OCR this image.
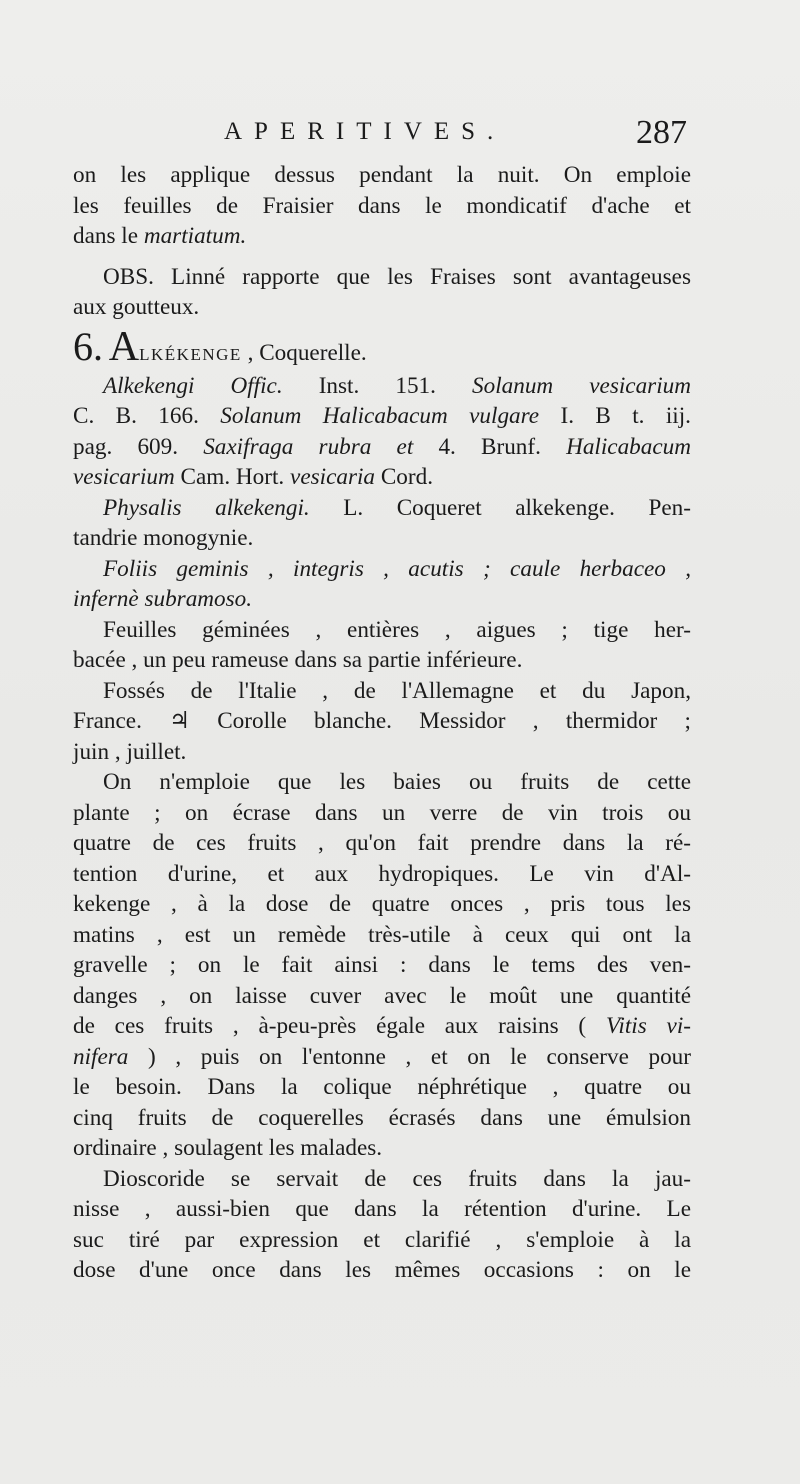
APERITIVES.	287
on les applique dessus pendant la nuit. On emploie
les feuilles de Fraisier dans le mondicatif d'ache et
dans le martiatum.
OBS. Linné rapporte que les Fraises sont avantageuses
aux goutteux.
6. ALKÉKENGE , Coquerelle.
Alkekengi Offic. Inst. 151. Solanum vesicarium
C. B. 166. Solanum Halicabacum vulgare I. B t. iij.
pag. 609. Saxifraga rubra et 4. Brunf. Halicabacum
vesicarium Cam. Hort. vesicaria Cord.
Physalis alkekengi. L. Coqueret alkekenge. Pen-
tandrie monogynie.
Foliis geminis , integris , acutis ; caule herbaceo ,
infernè subramoso.
Feuilles géminées , entières , aigues ; tige her-
bacée , un peu rameuse dans sa partie inférieure.
Fossés de l'Italie , de l'Allemagne et du Japon,
France. ♃ Corolle blanche. Messidor , thermidor ;
juin , juillet.
On n'emploie que les baies ou fruits de cette
plante ; on écrase dans un verre de vin trois ou
quatre de ces fruits , qu'on fait prendre dans la ré-
tention d'urine, et aux hydropiques. Le vin d'Al-
kekenge , à la dose de quatre onces , pris tous les
matins , est un remède très-utile à ceux qui ont la
gravelle ; on le fait ainsi : dans le tems des ven-
danges , on laisse cuver avec le moût une quantité
de ces fruits , à-peu-près égale aux raisins ( Vitis vi-
nifera ) , puis on l'entonne , et on le conserve pour
le besoin. Dans la colique néphrétique , quatre ou
cinq fruits de coquerelles écrasés dans une émulsion
ordinaire , soulagent les malades.
Dioscoride se servait de ces fruits dans la jau-
nisse , aussi-bien que dans la rétention d'urine. Le
suc tiré par expression et clarifié , s'emploie à la
dose d'une once dans les mêmes occasions : on le
